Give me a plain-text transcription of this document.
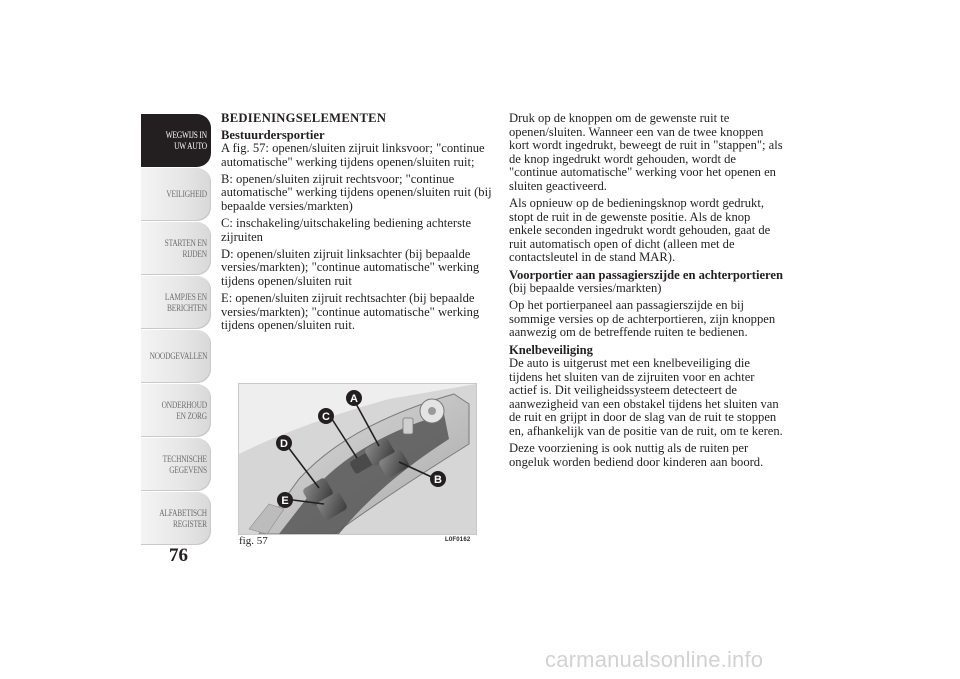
WEGWIJS IN UW AUTO
VEILIGHEID
STARTEN EN RIJDEN
LAMPJES EN BERICHTEN
NOODGEVALLEN
ONDERHOUD EN ZORG
TECHNISCHE GEGEVENS
ALFABETISCH REGISTER
76

BEDIENINGSELEMENTEN

Bestuurdersportier

A fig. 57: openen/sluiten zijruit linksvoor; "continue automatische" werking tijdens openen/sluiten ruit;

B: openen/sluiten zijruit rechtsvoor; "continue automatische" werking tijdens openen/sluiten ruit (bij bepaalde versies/markten)

C: inschakeling/uitschakeling bediening achterste zijruiten

D: openen/sluiten zijruit linksachter (bij bepaalde versies/markten); "continue automatische" werking tijdens openen/sluiten ruit

E: openen/sluiten zijruit rechtsachter (bij bepaalde versies/markten); "continue automatische" werking tijdens openen/sluiten ruit.

Druk op de knoppen om de gewenste ruit te openen/sluiten. Wanneer een van de twee knoppen kort wordt ingedrukt, beweegt de ruit in "stappen"; als de knop ingedrukt wordt gehouden, wordt de "continue automatische" werking voor het openen en sluiten geactiveerd.

Als opnieuw op de bedieningsknop wordt gedrukt, stopt de ruit in de gewenste positie. Als de knop enkele seconden ingedrukt wordt gehouden, gaat de ruit automatisch open of dicht (alleen met de contactsleutel in de stand MAR).

Voorportier aan passagierszijde en achterportieren

(bij bepaalde versies/markten)

Op het portierpaneel aan passagierszijde en bij sommige versies op de achterportieren, zijn knoppen aanwezig om de betreffende ruiten te bedienen.

Knelbeveiliging

De auto is uitgerust met een knelbeveiliging die tijdens het sluiten van de zijruiten voor en achter actief is. Dit veiligheidssysteem detecteert de aanwezigheid van een obstakel tijdens het sluiten van de ruit en grijpt in door de slag van de ruit te stoppen en, afhankelijk van de positie van de ruit, om te keren.

Deze voorziening is ook nuttig als de ruiten per ongeluk worden bediend door kinderen aan boord.

A
B
C
D
E
fig. 57	L0F0162
carmanualsonline.info
